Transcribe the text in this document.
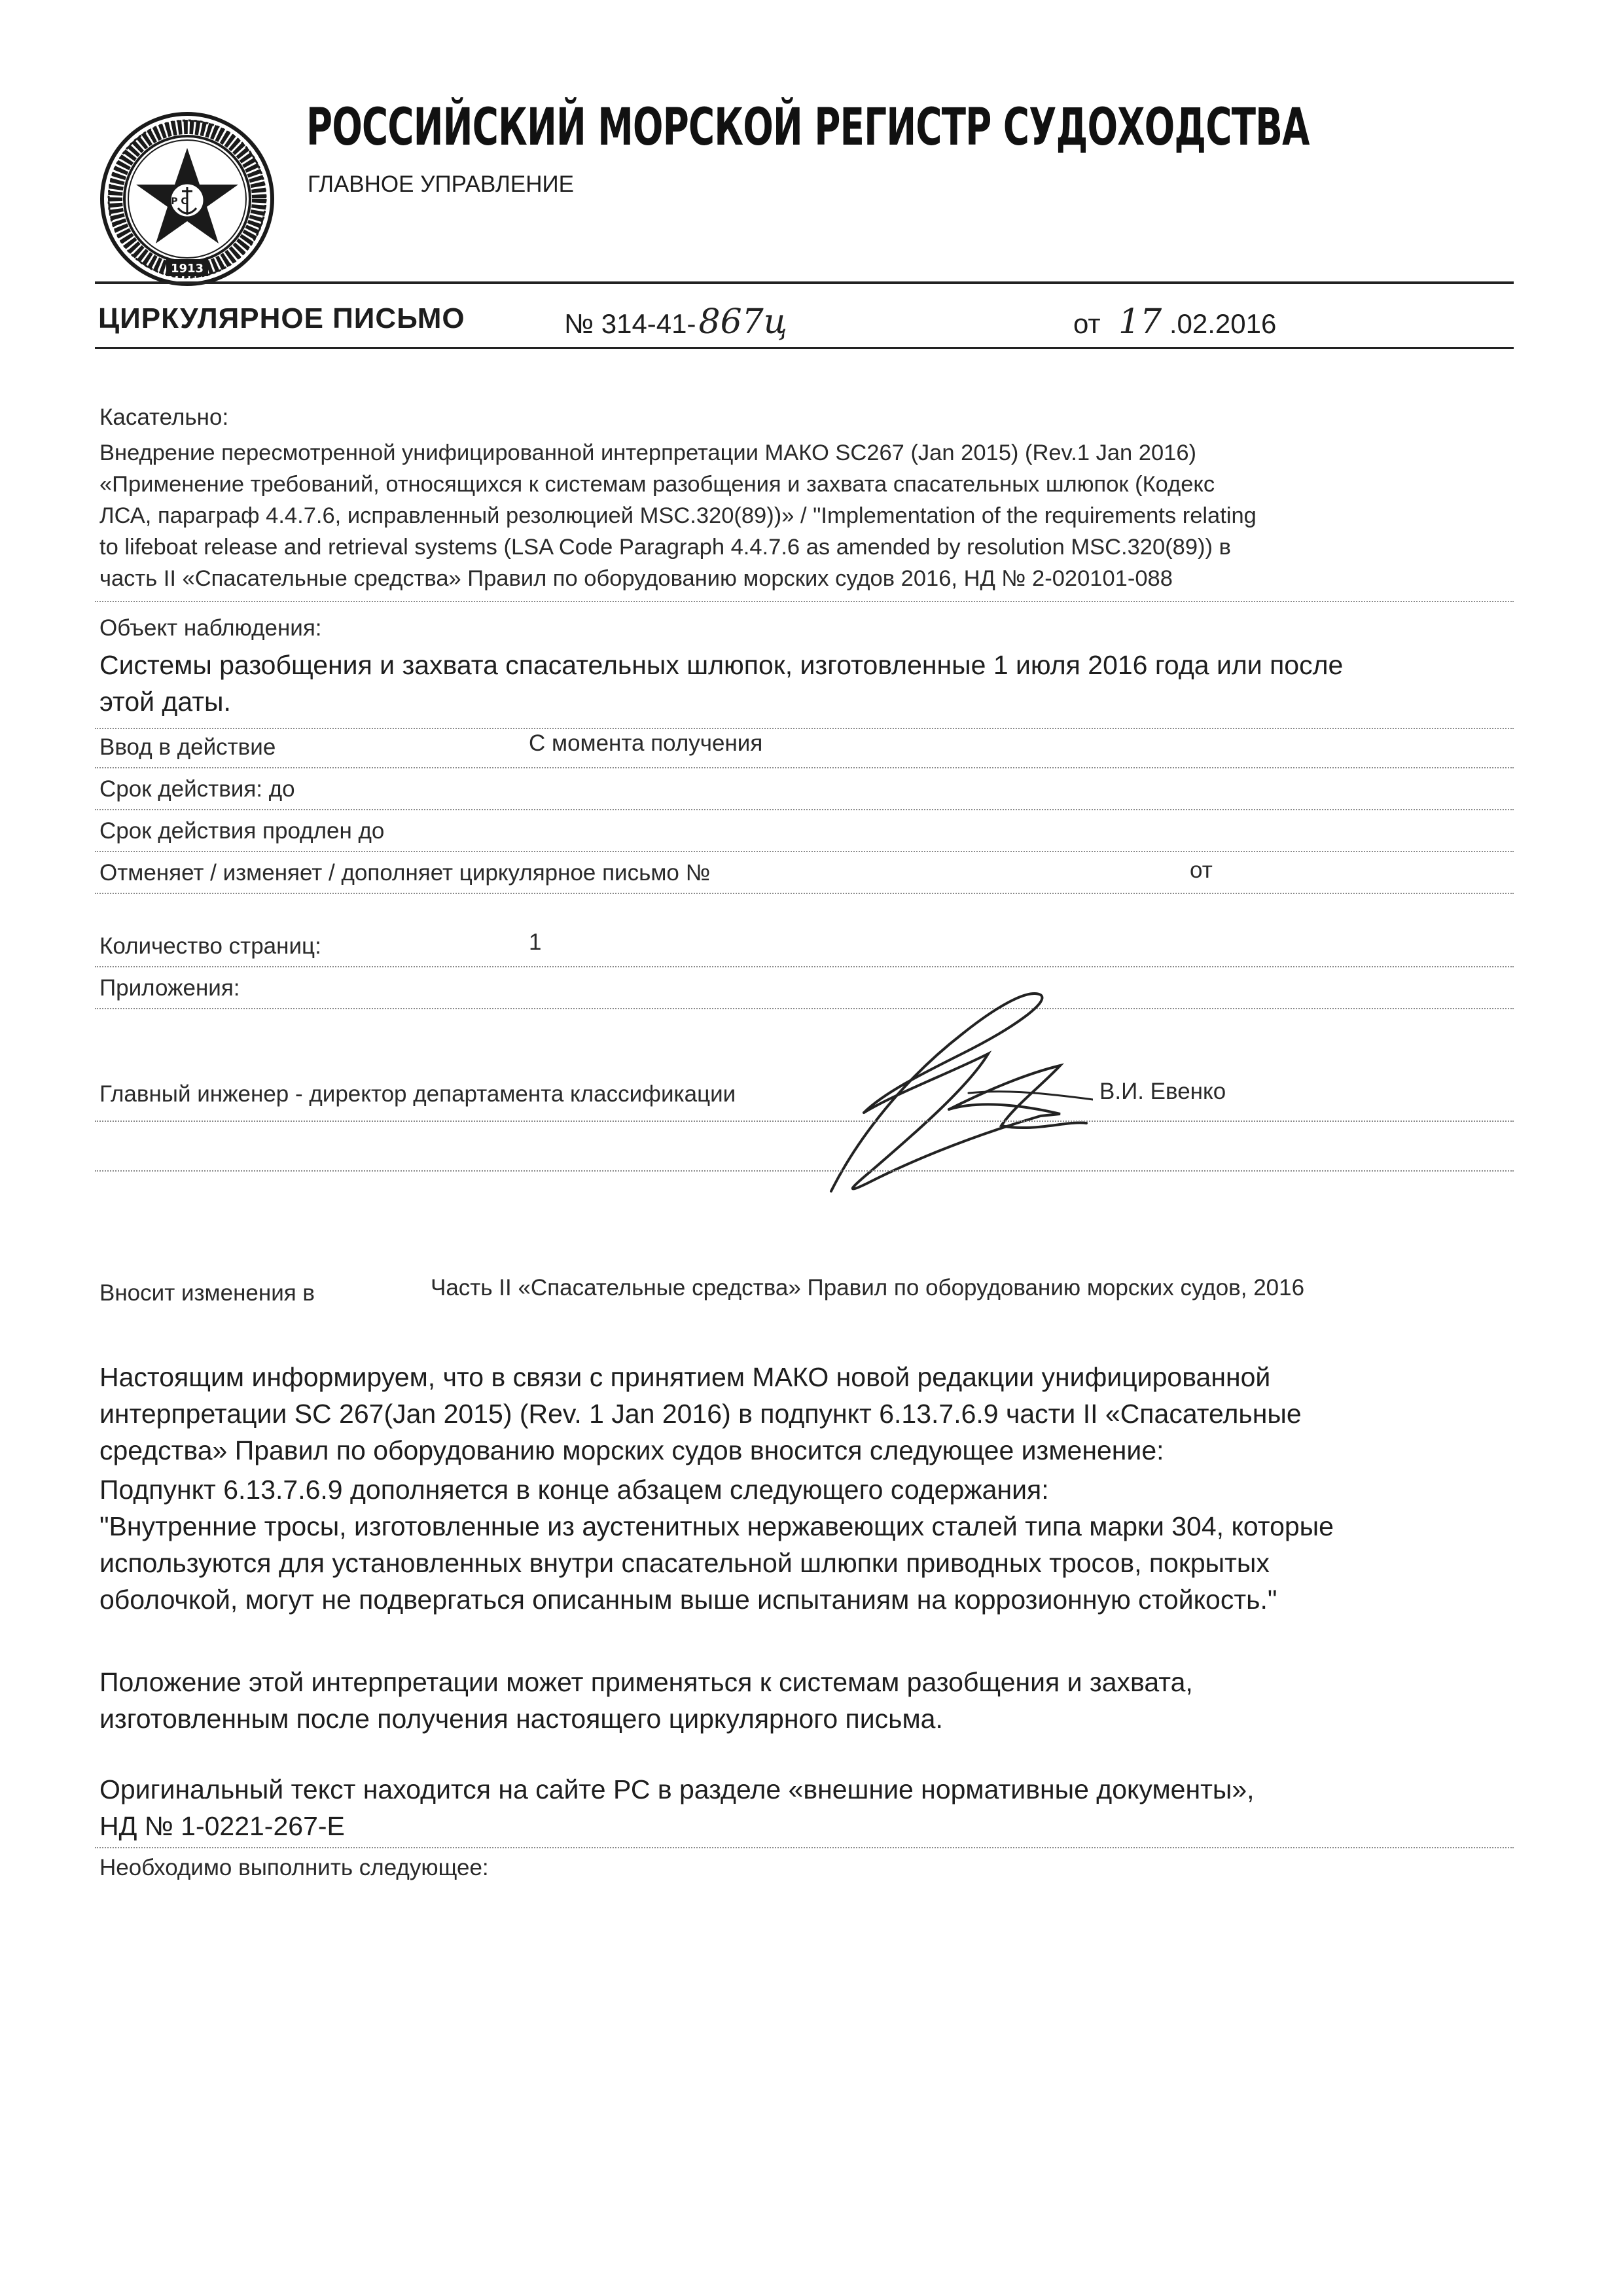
Р С
1913
РОССИЙСКИЙ МОРСКОЙ РЕГИСТР СУДОХОДСТВА
ГЛАВНОЕ УПРАВЛЕНИЕ
ЦИРКУЛЯРНОЕ ПИСЬМО	№ 314-41-867ц	от 17 .02.2016
Касательно:
Внедрение пересмотренной унифицированной интерпретации МАКО SC267 (Jan 2015) (Rev.1 Jan 2016)
«Применение требований, относящихся к системам разобщения и захвата спасательных шлюпок (Кодекс
ЛСА, параграф 4.4.7.6, исправленный резолюцией MSC.320(89))» / "Implementation of the requirements relating
to lifeboat release and retrieval systems (LSA Code Paragraph 4.4.7.6 as amended by resolution MSC.320(89)) в
часть II «Спасательные средства» Правил по оборудованию морских судов 2016, НД № 2-020101-088
Объект наблюдения:
Системы разобщения и захвата спасательных шлюпок, изготовленные 1 июля 2016 года или после
этой даты.
Ввод в действие	С момента получения
Срок действия: до
Срок действия продлен до
Отменяет / изменяет / дополняет циркулярное письмо №	от
Количество страниц:	1
Приложения:
Главный инженер - директор департамента классификации	В.И. Евенко
Вносит изменения в	Часть II «Спасательные средства» Правил по оборудованию морских судов, 2016
Настоящим информируем, что в связи с принятием МАКО новой редакции унифицированной
интерпретации SC 267(Jan 2015) (Rev. 1 Jan 2016) в подпункт 6.13.7.6.9 части II «Спасательные
средства» Правил по оборудованию морских судов вносится следующее изменение:
Подпункт 6.13.7.6.9 дополняется в конце абзацем следующего содержания:
"Внутренние тросы, изготовленные из аустенитных нержавеющих сталей типа марки 304, которые
используются для установленных внутри спасательной шлюпки приводных тросов, покрытых
оболочкой, могут не подвергаться описанным выше испытаниям на коррозионную стойкость."
Положение этой интерпретации может применяться к системам разобщения и захвата,
изготовленным после получения настоящего циркулярного письма.
Оригинальный текст находится на сайте РС в разделе «внешние нормативные документы»,
НД № 1-0221-267-Е
Необходимо выполнить следующее:
